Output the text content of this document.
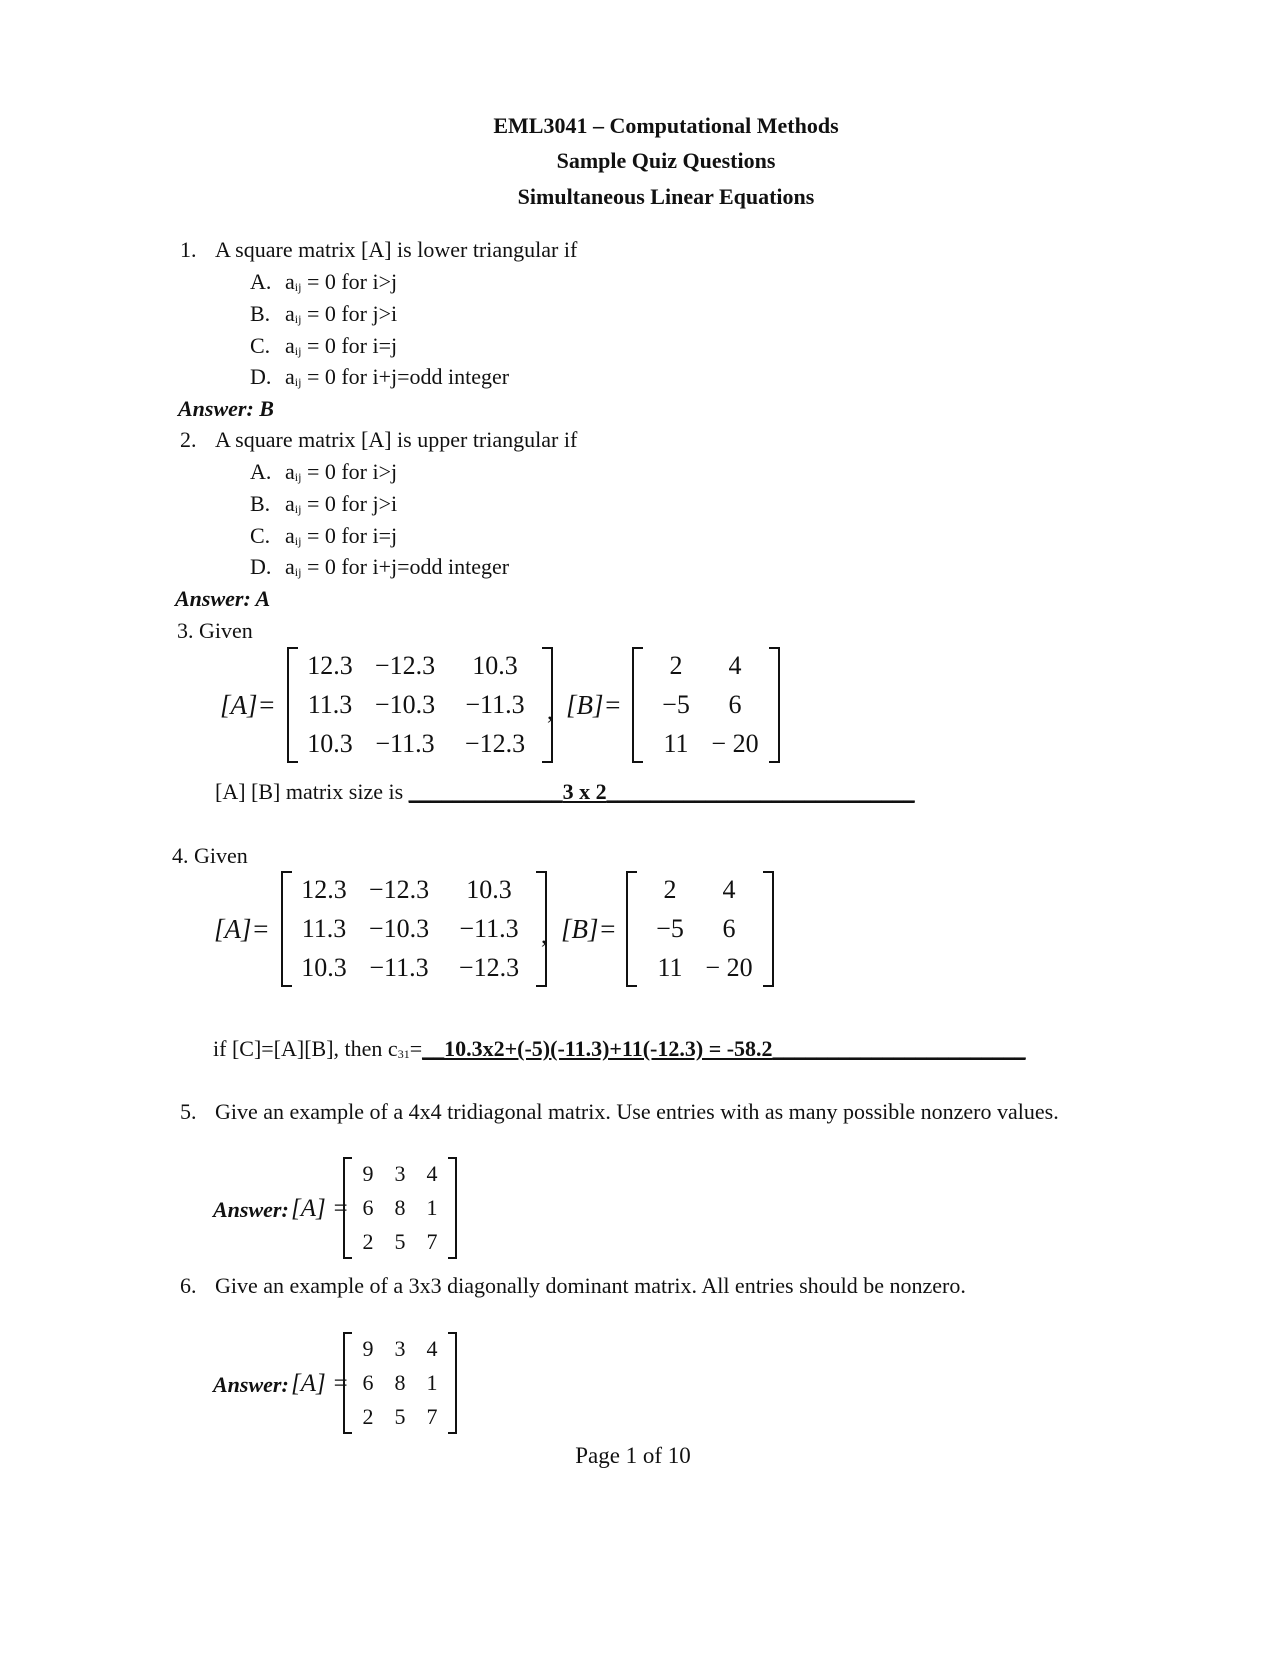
EML3041 – Computational Methods
Sample Quiz Questions
Simultaneous Linear Equations
1. A square matrix [A] is lower triangular if
A. $a_{ij} = 0$ for i>j
B. $a_{ij} = 0$ for j>i
C. $a_{ij} = 0$ for i=j
D. $a_{ij} = 0$ for i+j=odd integer
Answer: B
2. A square matrix [A] is upper triangular if
A. $a_{ij} = 0$ for i>j
B. $a_{ij} = 0$ for j>i
C. $a_{ij} = 0$ for i=j
D. $a_{ij} = 0$ for i+j=odd integer
Answer: A
3. Given
[A]=
12.3 −12.3	10.3
11.3 −10.3	−11.3
10.3 −11.3	−12.3
, [B]=
2	4
−5	6
11 − 20
[A] [B] matrix size is ______________3 x 2____________________________
4. Given
[A]=
12.3 −12.3	10.3
11.3 −10.3	−11.3
10.3 −11.3	−12.3
, [B]=
2	4
−5	6
11 − 20
if [C]=[A][B], then $c_{31}=\_\_10.3x2+(-5)(-11.3)+11(-12.3)$ = -58.2_______________________
5. Give an example of a 4x4 tridiagonal matrix. Use entries with as many possible nonzero values.
Answer: [A] =
9 3 4
6 8 1
2 5 7
6. Give an example of a 3x3 diagonally dominant matrix. All entries should be nonzero.
Answer: [A] =
9 3 4
6 8 1
2 5 7
Page 1 of 10
